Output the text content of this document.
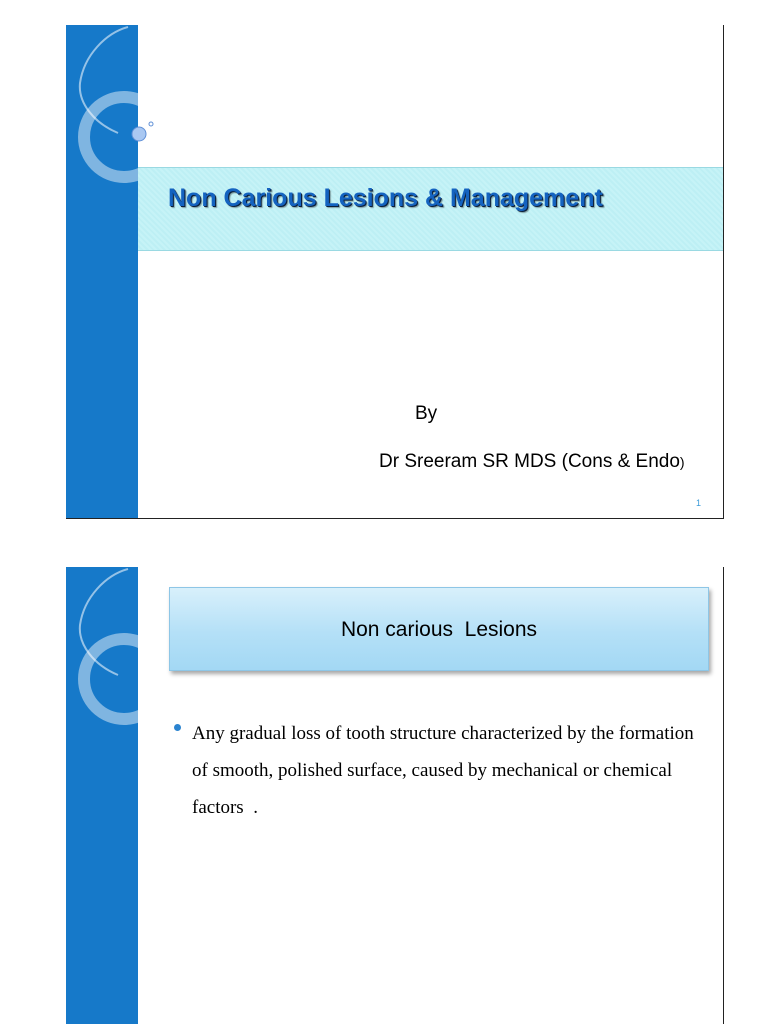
Non Carious Lesions & Management
By
Dr Sreeram SR MDS (Cons & Endo)
1
Non carious  Lesions
Any gradual loss of tooth structure characterized by the formation of smooth, polished surface, caused by mechanical or chemical factors  .
